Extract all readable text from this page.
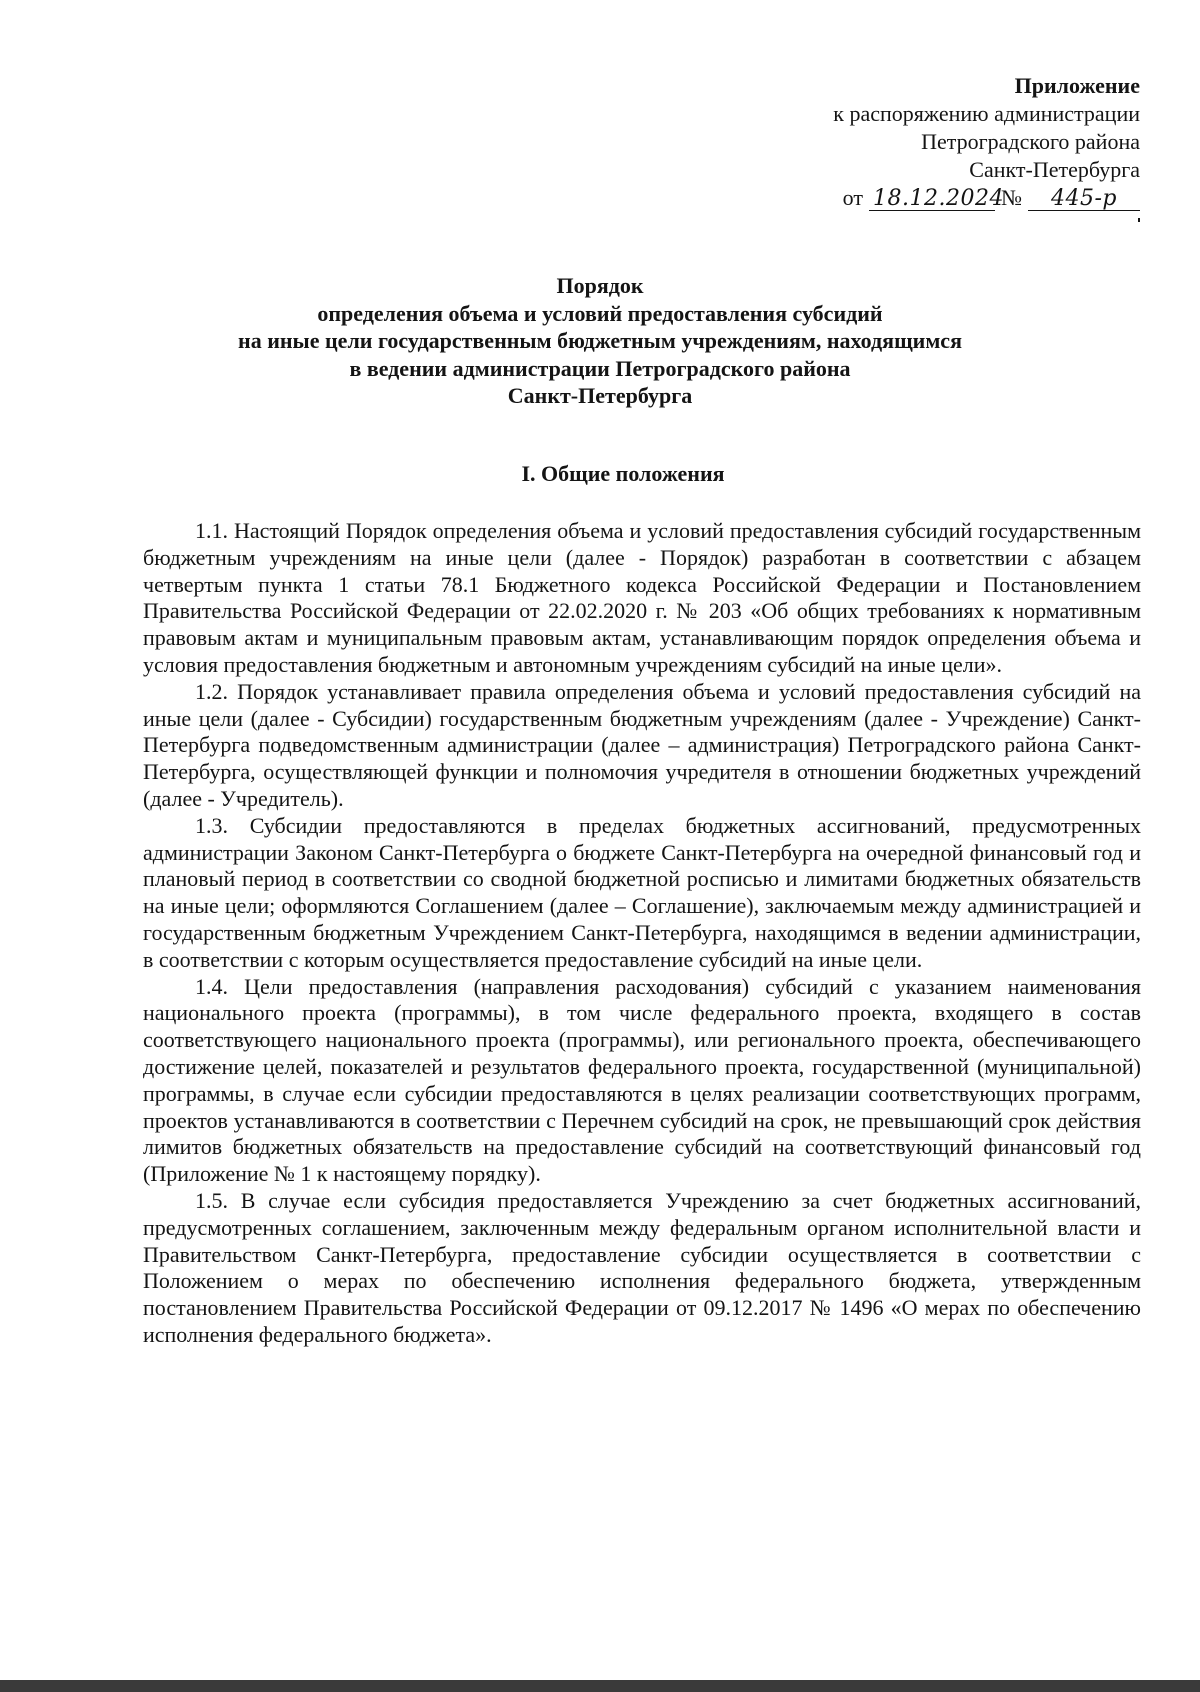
Приложение
к распоряжению администрации
Петроградского района
Санкт-Петербурга
от 18.12.2024
№	445-р
Порядок
определения объема и условий предоставления субсидий
на иные цели государственным бюджетным учреждениям, находящимся
в ведении администрации Петроградского района
Санкт-Петербурга
I. Общие положения

1.1. Настоящий Порядок определения объема и условий предоставления субсидий государственным бюджетным учреждениям на иные цели (далее - Порядок) разработан в соответствии с абзацем четвертым пункта 1 статьи 78.1 Бюджетного кодекса Российской Федерации и Постановлением Правительства Российской Федерации от 22.02.2020 г. № 203 «Об общих требованиях к нормативным правовым актам и муниципальным правовым актам, устанавливающим порядок определения объема и условия предоставления бюджетным и автономным учреждениям субсидий на иные цели».

1.2. Порядок устанавливает правила определения объема и условий предоставления субсидий на иные цели (далее - Субсидии) государственным бюджетным учреждениям (далее - Учреждение) Санкт-Петербурга подведомственным администрации (далее – администрация) Петроградского района Санкт-Петербурга, осуществляющей функции и полномочия учредителя в отношении бюджетных учреждений (далее - Учредитель).

1.3. Субсидии предоставляются в пределах бюджетных ассигнований, предусмотренных администрации Законом Санкт-Петербурга о бюджете Санкт-Петербурга на очередной финансовый год и плановый период в соответствии со сводной бюджетной росписью и лимитами бюджетных обязательств на иные цели; оформляются Соглашением (далее – Соглашение), заключаемым между администрацией и государственным бюджетным Учреждением Санкт-Петербурга, находящимся в ведении администрации, в соответствии с которым осуществляется предоставление субсидий на иные цели.

1.4. Цели предоставления (направления расходования) субсидий с указанием наименования национального проекта (программы), в том числе федерального проекта, входящего в состав соответствующего национального проекта (программы), или регионального проекта, обеспечивающего достижение целей, показателей и результатов федерального проекта, государственной (муниципальной) программы, в случае если субсидии предоставляются в целях реализации соответствующих программ, проектов устанавливаются в соответствии с Перечнем субсидий на срок, не превышающий срок действия лимитов бюджетных обязательств на предоставление субсидий на соответствующий финансовый год (Приложение № 1 к настоящему порядку).

1.5. В случае если субсидия предоставляется Учреждению за счет бюджетных ассигнований, предусмотренных соглашением, заключенным между федеральным органом исполнительной власти и Правительством Санкт-Петербурга, предоставление субсидии осуществляется в соответствии с Положением о мерах по обеспечению исполнения федерального бюджета, утвержденным постановлением Правительства Российской Федерации от 09.12.2017 № 1496 «О мерах по обеспечению исполнения федерального бюджета».
